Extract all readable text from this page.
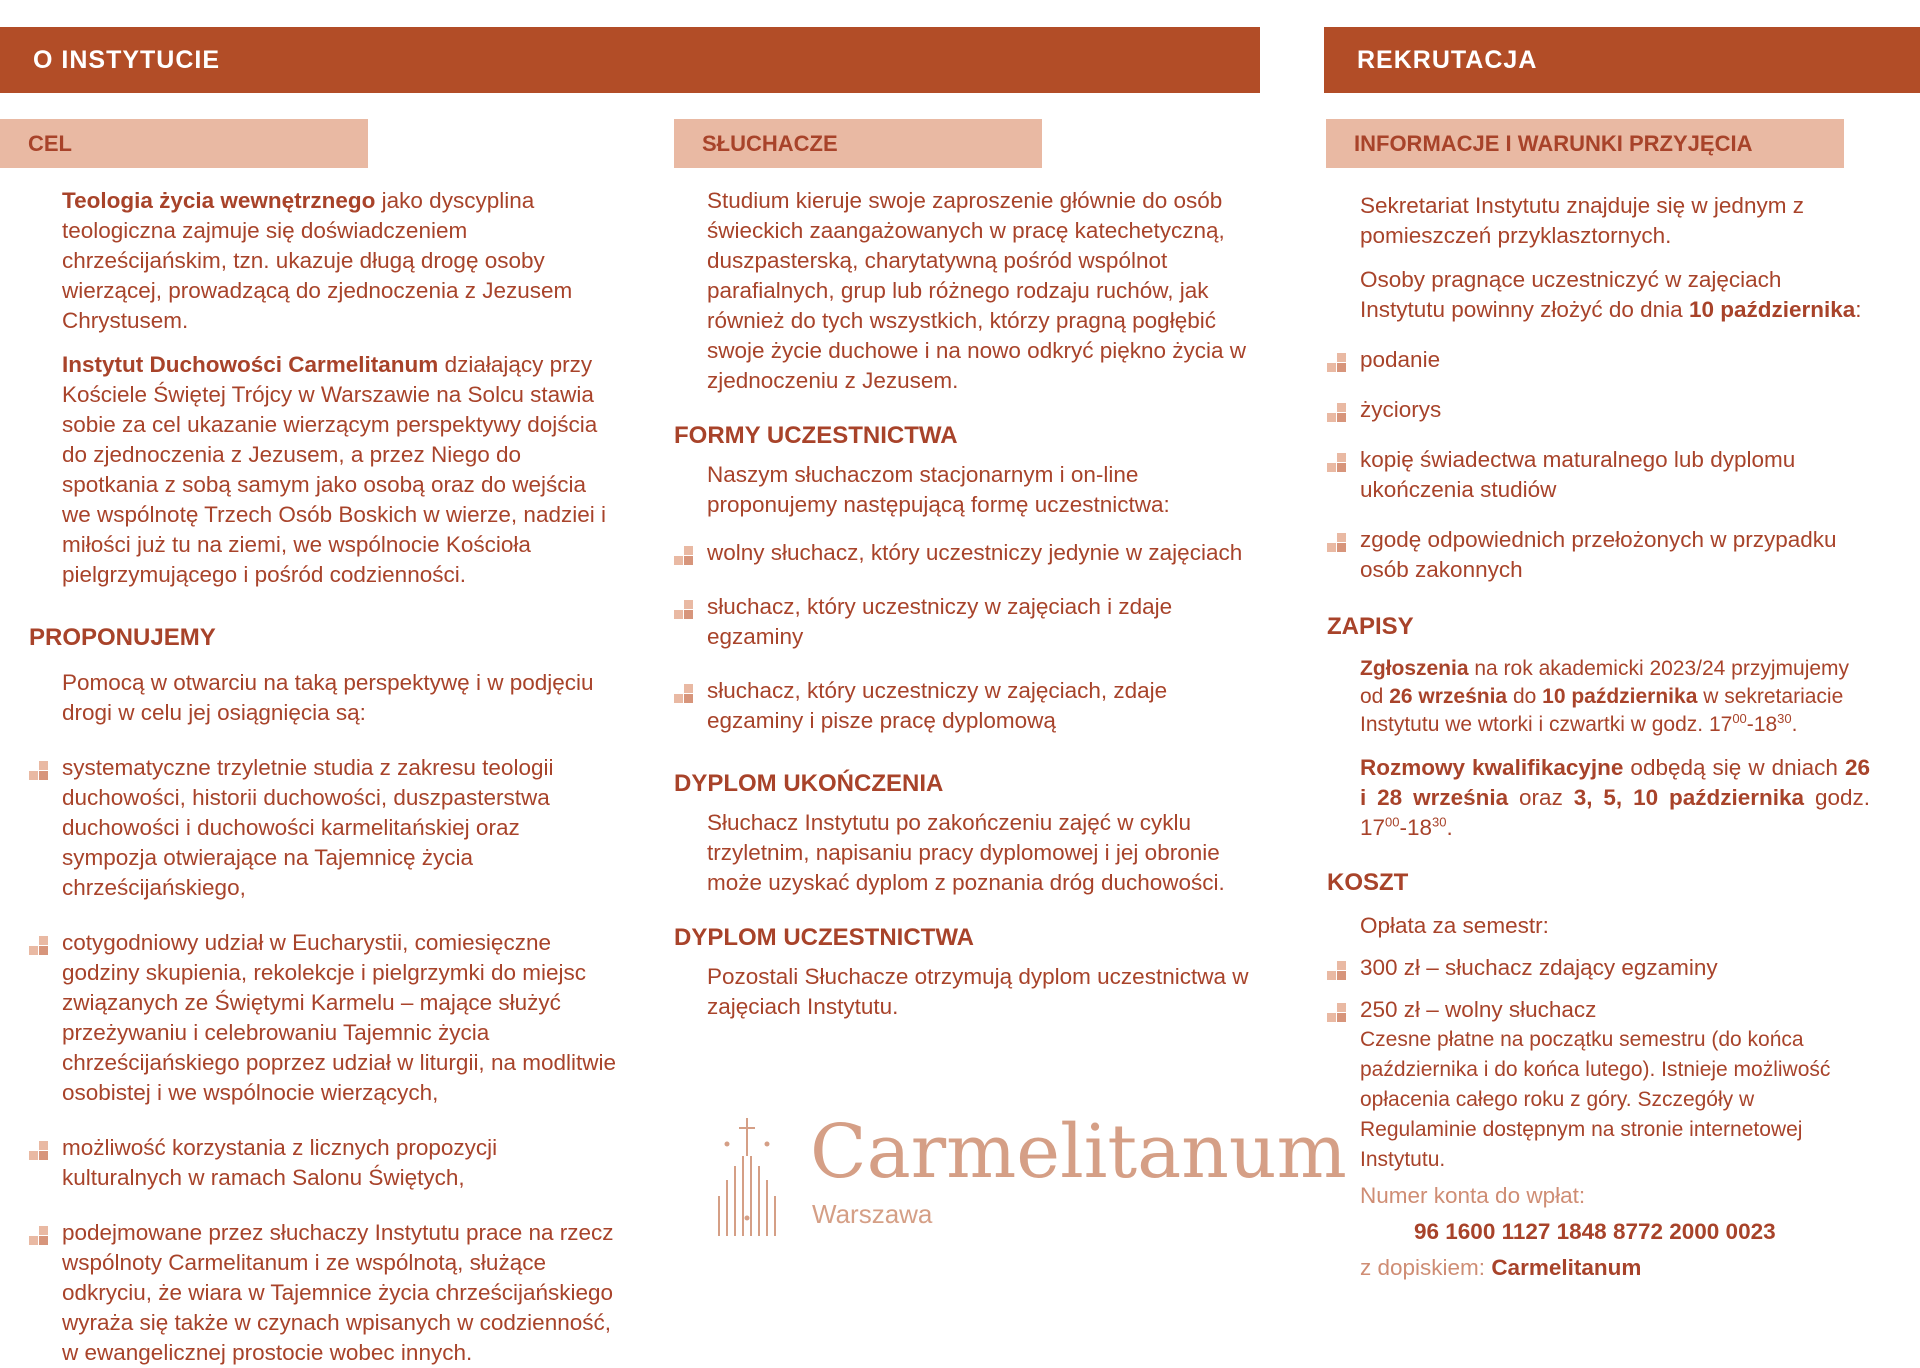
O INSTYTUCIE	REKRUTACJA
CEL	SŁUCHACZE	INFORMACJE I WARUNKI PRZYJĘCIA

Teologia życia wewnętrznego jako dyscyplina teologiczna zajmuje się doświadczeniem chrześcijańskim, tzn. ukazuje długą drogę osoby wierzącej, prowadzącą do zjednoczenia z Jezusem Chrystusem.

Instytut Duchowości Carmelitanum działający przy Kościele Świętej Trójcy w Warszawie na Solcu stawia sobie za cel ukazanie wierzącym perspektywy dojścia do zjednoczenia z Jezusem, a przez Niego do spotkania z sobą samym jako osobą oraz do wejścia we wspólnotę Trzech Osób Boskich w wierze, nadziei i miłości już tu na ziemi, we wspólnocie Kościoła pielgrzymującego i pośród codzienności.

PROPONUJEMY

Pomocą w otwarciu na taką perspektywę i w podjęciu drogi w celu jej osiągnięcia są:

systematyczne trzyletnie studia z zakresu teologii duchowości, historii duchowości, duszpasterstwa duchowości i duchowości karmelitańskiej oraz sympozja otwierające na Tajemnicę życia chrześcijańskiego,

cotygodniowy udział w Eucharystii, comiesięczne godziny skupienia, rekolekcje i pielgrzymki do miejsc związanych ze Świętymi Karmelu – mające służyć przeżywaniu i celebrowaniu Tajemnic życia chrześcijańskiego poprzez udział w liturgii, na modlitwie osobistej i we wspólnocie wierzących,

możliwość korzystania z licznych propozycji kulturalnych w ramach Salonu Świętych,

podejmowane przez słuchaczy Instytutu prace na rzecz wspólnoty Carmelitanum i ze wspólnotą, służące odkryciu, że wiara w Tajemnice życia chrześcijańskiego wyraża się także w czynach wpisanych w codzienność, w ewangelicznej prostocie wobec innych.

Studium kieruje swoje zaproszenie głównie do osób świeckich zaangażowanych w pracę katechetyczną, duszpasterską, charytatywną pośród wspólnot parafialnych, grup lub różnego rodzaju ruchów, jak również do tych wszystkich, którzy pragną pogłębić swoje życie duchowe i na nowo odkryć piękno życia w zjednoczeniu z Jezusem.

FORMY UCZESTNICTWA

Naszym słuchaczom stacjonarnym i on-line proponujemy następującą formę uczestnictwa:

wolny słuchacz, który uczestniczy jedynie w zajęciach

słuchacz, który uczestniczy w zajęciach i zdaje egzaminy

słuchacz, który uczestniczy w zajęciach, zdaje egzaminy i pisze pracę dyplomową

DYPLOM UKOŃCZENIA

Słuchacz Instytutu po zakończeniu zajęć w cyklu trzyletnim, napisaniu pracy dyplomowej i jej obronie może uzyskać dyplom z poznania dróg duchowości.

DYPLOM UCZESTNICTWA

Pozostali Słuchacze otrzymują dyplom uczestnictwa w zajęciach Instytutu.

Carmelitanum
Warszawa

Sekretariat Instytutu znajduje się w jednym z pomieszczeń przyklasztornych.

Osoby pragnące uczestniczyć w zajęciach Instytutu powinny złożyć do dnia 10 października:

podanie

życiorys

kopię świadectwa maturalnego lub dyplomu ukończenia studiów

zgodę odpowiednich przełożonych w przypadku osób zakonnych

ZAPISY

Zgłoszenia na rok akademicki 2023/24 przyjmujemy od 26 września do 10 października w sekretariacie Instytutu we wtorki i czwartki w godz. $17^{00}-18^{30}$.

Rozmowy kwalifikacyjne odbędą się w dniach 26 i 28 września oraz 3, 5, 10 października godz. $17^{00}-18^{30}$.

KOSZT

Opłata za semestr:

300 zł – słuchacz zdający egzaminy

250 zł – wolny słuchacz

Czesne płatne na początku semestru (do końca października i do końca lutego). Istnieje możliwość opłacenia całego roku z góry. Szczegóły w Regulaminie dostępnym na stronie internetowej Instytutu.

Numer konta do wpłat:

96 1600 1127 1848 8772 2000 0023

z dopiskiem: Carmelitanum
